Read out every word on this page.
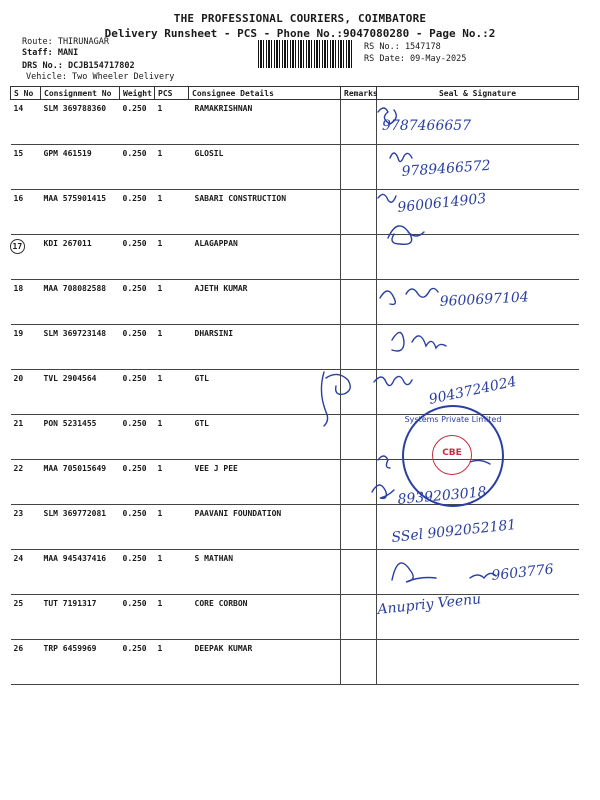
THE PROFESSIONAL COURIERS, COIMBATORE
Delivery Runsheet - PCS - Phone No.:9047080280 - Page No.:2
Route: THIRUNAGAR
Staff: MANI
DRS No.: DCJB154717802
Vehicle: Two Wheeler Delivery
RS No.: 1547178
RS Date: 09-May-2025
S No	Consignment No	Weight	PCS	Consignee Details	Remarks	Seal & Signature
14	SLM 369788360	0.250	1	RAMAKRISHNAN		
15	GPM 461519	0.250	1	GLOSIL		
16	MAA 575901415	0.250	1	SABARI CONSTRUCTION		
17	KDI 267011	0.250	1	ALAGAPPAN		
18	MAA 708082588	0.250	1	AJETH KUMAR		
19	SLM 369723148	0.250	1	DHARSINI		
20	TVL 2904564	0.250	1	GTL		
21	PON 5231455	0.250	1	GTL		
22	MAA 705015649	0.250	1	VEE J PEE		
23	SLM 369772081	0.250	1	PAAVANI FOUNDATION		
24	MAA 945437416	0.250	1	S MATHAN		
25	TUT 7191317	0.250	1	CORE CORBON		
26	TRP 6459969	0.250	1	DEEPAK KUMAR		
9787466657
9789466572
9600614903
9600697104
9043724024
8939203018
SSel 9092052181
9603776
Anupriy Veenu
Systems Private Limited
CBE
